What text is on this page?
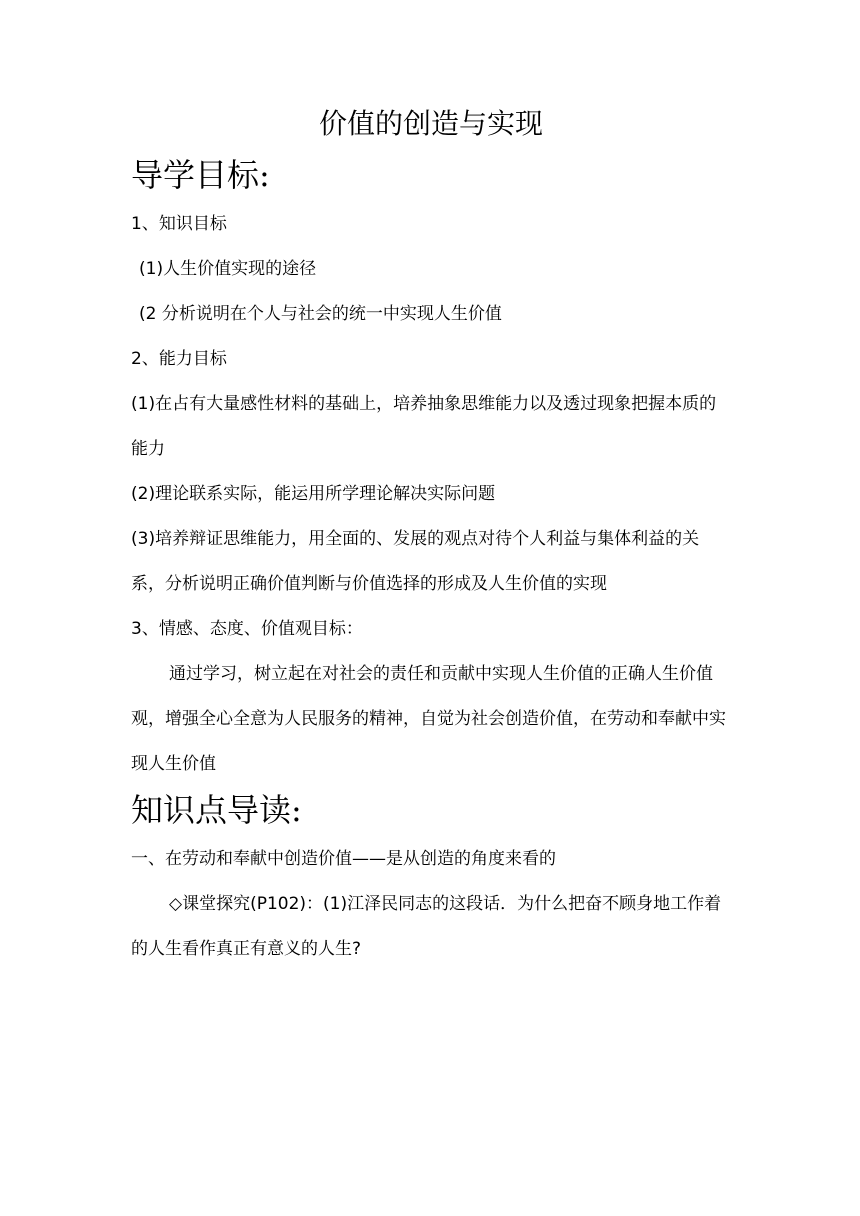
价值的创造与实现
导学目标:

1、知识目标

(1)人生价值实现的途径

(2 分析说明在个人与社会的统一中实现人生价值

2、能力目标

(1)在占有大量感性材料的基础上，培养抽象思维能力以及透过现象把握本质的能力

(2)理论联系实际，能运用所学理论解决实际问题

(3)培养辩证思维能力，用全面的、发展的观点对待个人利益与集体利益的关系，分析说明正确价值判断与价值选择的形成及人生价值的实现

3、情感、态度、价值观目标：

通过学习，树立起在对社会的责任和贡献中实现人生价值的正确人生价值观，增强全心全意为人民服务的精神，自觉为社会创造价值，在劳动和奉献中实现人生价值

知识点导读:

一、在劳动和奉献中创造价值——是从创造的角度来看的

◇课堂探究(P102)：(1)江泽民同志的这段话．为什么把奋不顾身地工作着的人生看作真正有意义的人生?
